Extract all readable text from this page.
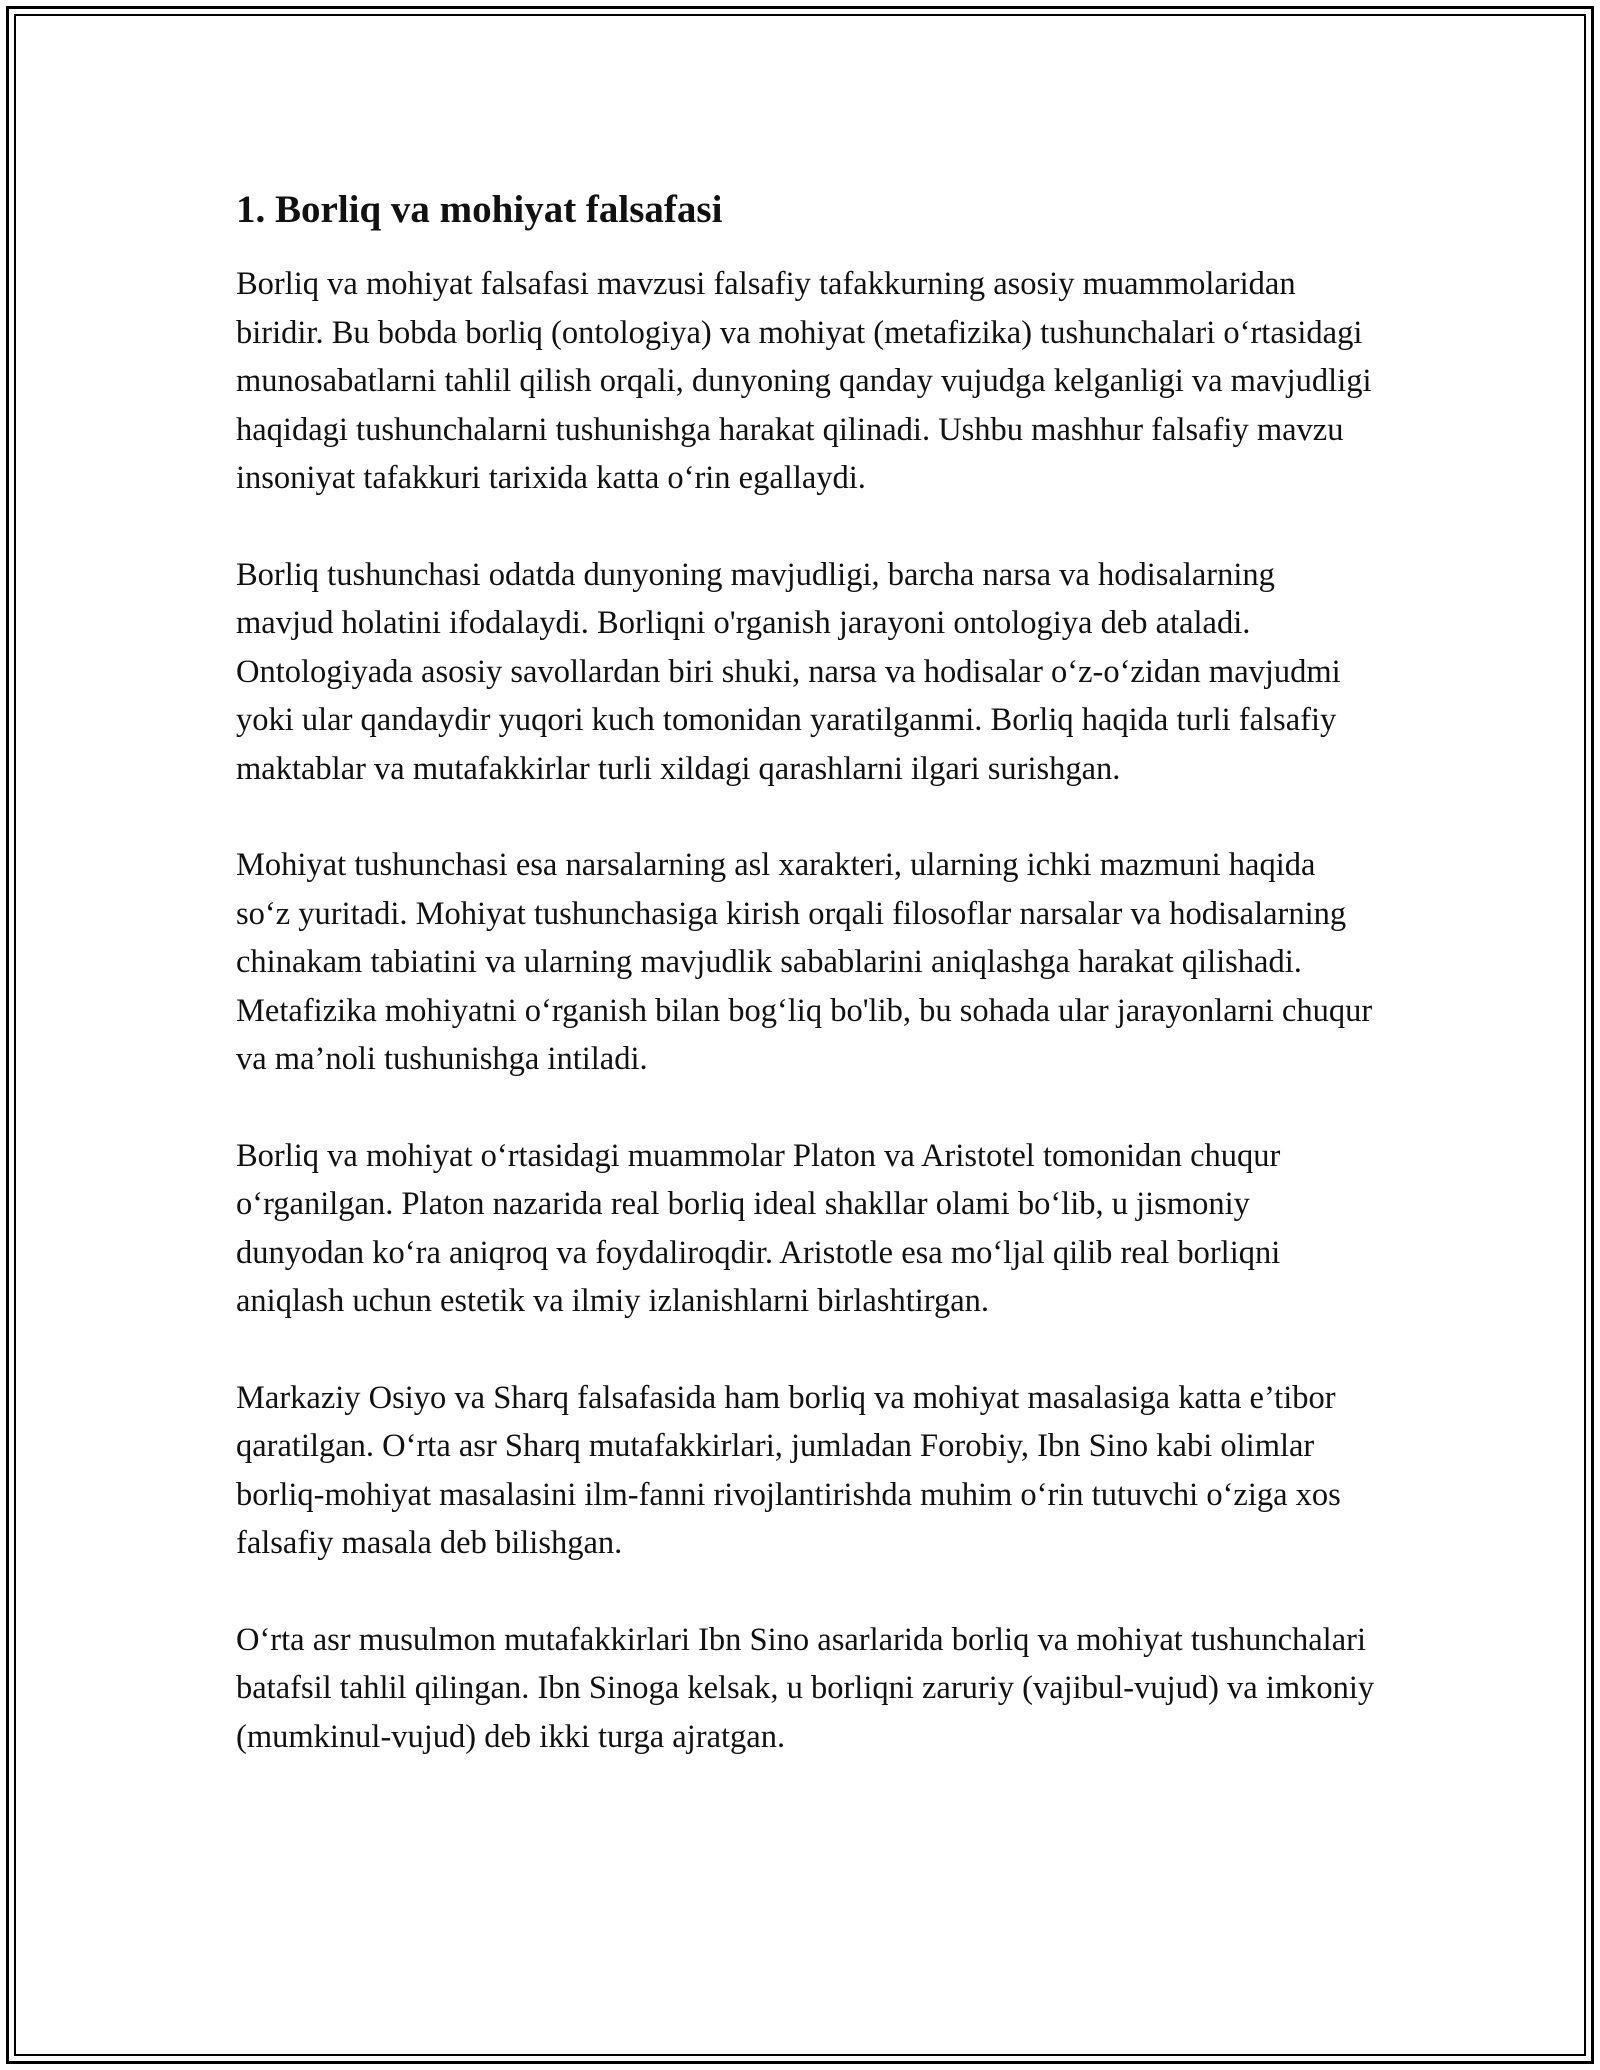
1. Borliq va mohiyat falsafasi

Borliq va mohiyat falsafasi mavzusi falsafiy tafakkurning asosiy muammolaridan biridir. Bu bobda borliq (ontologiya) va mohiyat (metafizika) tushunchalari o‘rtasidagi munosabatlarni tahlil qilish orqali, dunyoning qanday vujudga kelganligi va mavjudligi haqidagi tushunchalarni tushunishga harakat qilinadi. Ushbu mashhur falsafiy mavzu insoniyat tafakkuri tarixida katta o‘rin egallaydi.

Borliq tushunchasi odatda dunyoning mavjudligi, barcha narsa va hodisalarning mavjud holatini ifodalaydi. Borliqni o'rganish jarayoni ontologiya deb ataladi. Ontologiyada asosiy savollardan biri shuki, narsa va hodisalar o‘z-o‘zidan mavjudmi yoki ular qandaydir yuqori kuch tomonidan yaratilganmi. Borliq haqida turli falsafiy maktablar va mutafakkirlar turli xildagi qarashlarni ilgari surishgan.

Mohiyat tushunchasi esa narsalarning asl xarakteri, ularning ichki mazmuni haqida so‘z yuritadi. Mohiyat tushunchasiga kirish orqali filosoflar narsalar va hodisalarning chinakam tabiatini va ularning mavjudlik sabablarini aniqlashga harakat qilishadi. Metafizika mohiyatni o‘rganish bilan bog‘liq bo'lib, bu sohada ular jarayonlarni chuqur va ma’noli tushunishga intiladi.

Borliq va mohiyat o‘rtasidagi muammolar Platon va Aristotel tomonidan chuqur o‘rganilgan. Platon nazarida real borliq ideal shakllar olami bo‘lib, u jismoniy dunyodan ko‘ra aniqroq va foydaliroqdir. Aristotle esa mo‘ljal qilib real borliqni aniqlash uchun estetik va ilmiy izlanishlarni birlashtirgan.

Markaziy Osiyo va Sharq falsafasida ham borliq va mohiyat masalasiga katta e’tibor qaratilgan. O‘rta asr Sharq mutafakkirlari, jumladan Forobiy, Ibn Sino kabi olimlar borliq-mohiyat masalasini ilm-fanni rivojlantirishda muhim o‘rin tutuvchi o‘ziga xos falsafiy masala deb bilishgan.

O‘rta asr musulmon mutafakkirlari Ibn Sino asarlarida borliq va mohiyat tushunchalari batafsil tahlil qilingan. Ibn Sinoga kelsak, u borliqni zaruriy (vajibul-vujud) va imkoniy (mumkinul-vujud) deb ikki turga ajratgan.
